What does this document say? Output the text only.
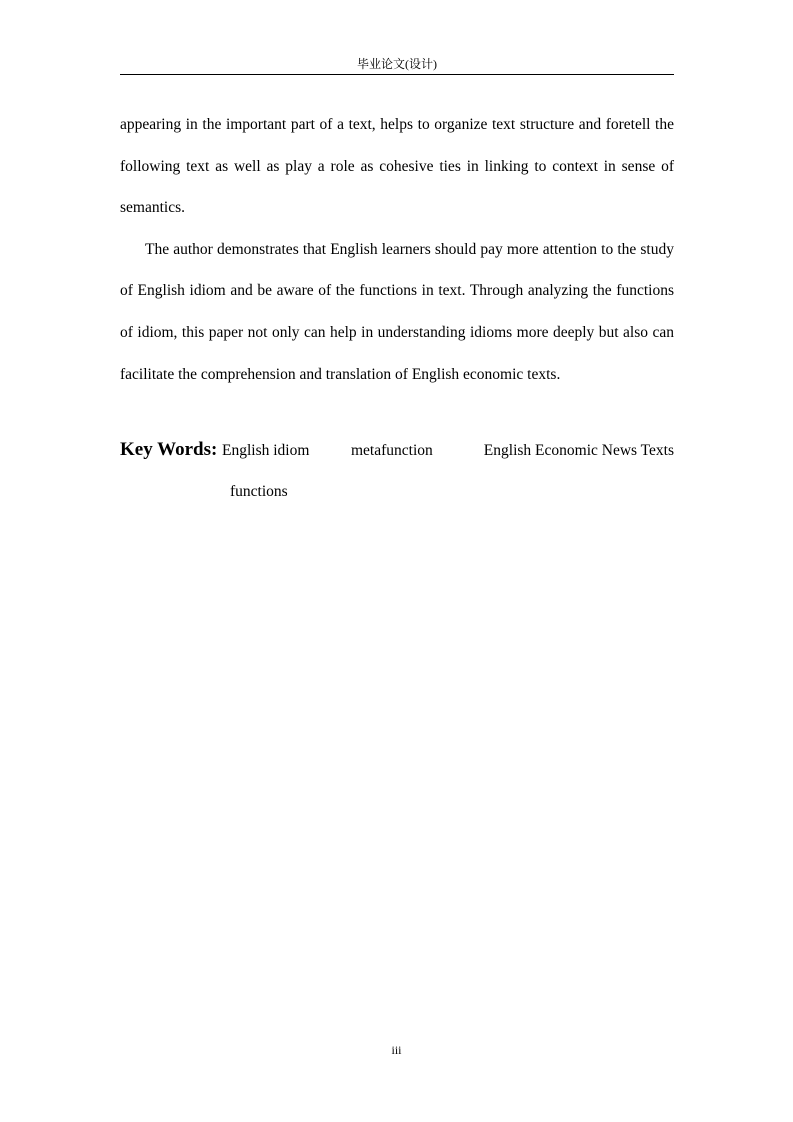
毕业论文(设计)

appearing in the important part of a text, helps to organize text structure and foretell the following text as well as play a role as cohesive ties in linking to context in sense of semantics.

The author demonstrates that English learners should pay more attention to the study of English idiom and be aware of the functions in text. Through analyzing the functions of idiom, this paper not only can help in understanding idioms more deeply but also can facilitate the comprehension and translation of English economic texts.

Key Words: English idiom	metafunction	English Economic News Texts
functions
iii
